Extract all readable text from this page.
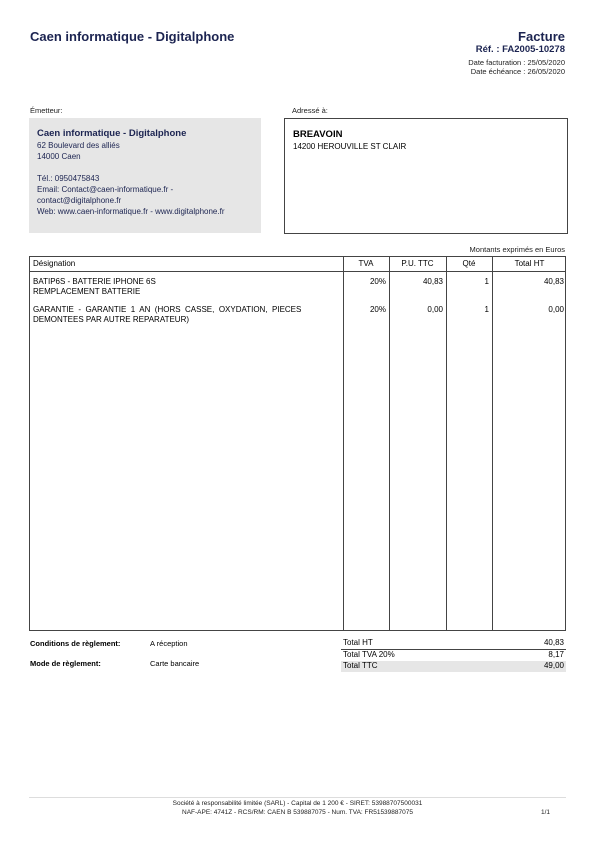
Caen informatique - Digitalphone	Facture
Réf. : FA2005-10278
Date facturation : 25/05/2020
Date échéance : 26/05/2020
Émetteur:
Caen informatique - Digitalphone
62 Boulevard des alliés
14000 Caen
Tél.: 0950475843
Email: Contact@caen-informatique.fr -
contact@digitalphone.fr
Web: www.caen-informatique.fr - www.digitalphone.fr
Adressé à:
BREAVOIN
14200 HEROUVILLE ST CLAIR
Montants exprimés en Euros
Désignation	TVA	P.U. TTC	Qté	Total HT
BATIP6S - BATTERIE IPHONE 6S
REMPLACEMENT BATTERIE
20%	40,83	1	40,83
GARANTIE  -  GARANTIE  1  AN  (HORS  CASSE,  OXYDATION,  PIECES
DEMONTEES PAR AUTRE REPARATEUR)
20%	0,00	1	0,00
Conditions de règlement:	A réception
Mode de règlement:	Carte bancaire
Total HT	40,83
Total TVA 20%	8,17
Total TTC	49,00
Société à responsabilité limitée (SARL) - Capital de 1 200 € - SIRET: 53988707500031
NAF-APE: 4741Z - RCS/RM: CAEN B 539887075 - Num. TVA: FR51539887075	1/1
